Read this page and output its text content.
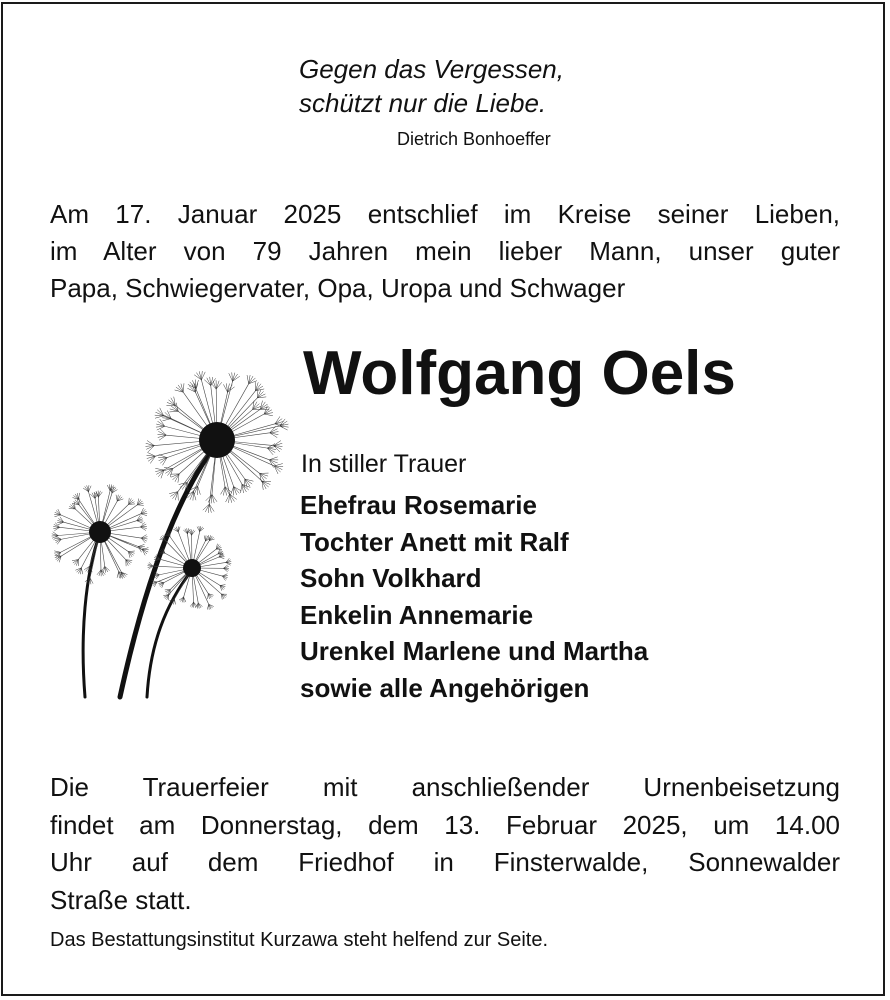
Gegen das Vergessen,
schützt nur die Liebe.
Dietrich Bonhoeffer
Am 17. Januar 2025 entschlief im Kreise seiner Lieben,
im Alter von 79 Jahren mein lieber Mann, unser guter
Papa, Schwiegervater, Opa, Uropa und Schwager
Wolfgang Oels
In stiller Trauer
Ehefrau Rosemarie
Tochter Anett mit Ralf
Sohn Volkhard
Enkelin Annemarie
Urenkel Marlene und Martha
sowie alle Angehörigen
Die Trauerfeier mit anschließender Urnenbeisetzung
findet am Donnerstag, dem 13. Februar 2025, um 14.00
Uhr auf dem Friedhof in Finsterwalde, Sonnewalder
Straße statt.
Das Bestattungsinstitut Kurzawa steht helfend zur Seite.
